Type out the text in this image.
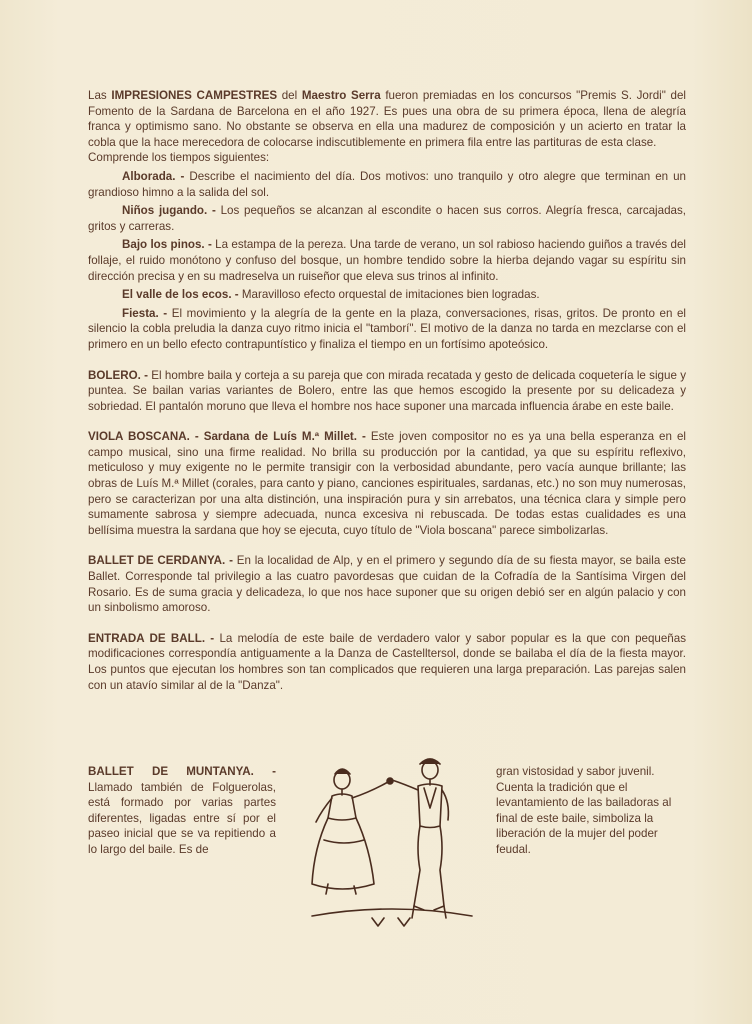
Las IMPRESIONES CAMPESTRES del Maestro Serra fueron premiadas en los concursos "Premis S. Jordi" del Fomento de la Sardana de Barcelona en el año 1927. Es pues una obra de su primera época, llena de alegría franca y optimismo sano. No obstante se observa en ella una madurez de composición y un acierto en tratar la cobla que la hace merecedora de colocarse indiscutiblemente en primera fila entre las partituras de esta clase.

Comprende los tiempos siguientes:

Alborada. - Describe el nacimiento del día. Dos motivos: uno tranquilo y otro alegre que terminan en un grandioso himno a la salida del sol.

Niños jugando. - Los pequeños se alcanzan al escondite o hacen sus corros. Alegría fresca, carcajadas, gritos y carreras.

Bajo los pinos. - La estampa de la pereza. Una tarde de verano, un sol rabioso haciendo guiños a través del follaje, el ruido monótono y confuso del bosque, un hombre tendido sobre la hierba dejando vagar su espíritu sin dirección precisa y en su madreselva un ruiseñor que eleva sus trinos al infinito.

El valle de los ecos. - Maravilloso efecto orquestal de imitaciones bien logradas.

Fiesta. - El movimiento y la alegría de la gente en la plaza, conversaciones, risas, gritos. De pronto en el silencio la cobla preludia la danza cuyo ritmo inicia el "tamborí". El motivo de la danza no tarda en mezclarse con el primero en un bello efecto contrapuntístico y finaliza el tiempo en un fortísimo apoteósico.

BOLERO. - El hombre baila y corteja a su pareja que con mirada recatada y gesto de delicada coquetería le sigue y puntea. Se bailan varias variantes de Bolero, entre las que hemos escogido la presente por su delicadeza y sobriedad. El pantalón moruno que lleva el hombre nos hace suponer una marcada influencia árabe en este baile.

VIOLA BOSCANA. - Sardana de Luís M.ª Millet. - Este joven compositor no es ya una bella esperanza en el campo musical, sino una firme realidad. No brilla su producción por la cantidad, ya que su espíritu reflexivo, meticuloso y muy exigente no le permite transigir con la verbosidad abundante, pero vacía aunque brillante; las obras de Luís M.ª Millet (corales, para canto y piano, canciones espirituales, sardanas, etc.) no son muy numerosas, pero se caracterizan por una alta distinción, una inspiración pura y sin arrebatos, una técnica clara y simple pero sumamente sabrosa y siempre adecuada, nunca excesiva ni rebuscada. De todas estas cualidades es una bellísima muestra la sardana que hoy se ejecuta, cuyo título de "Viola boscana" parece simbolizarlas.

BALLET DE CERDANYA. - En la localidad de Alp, y en el primero y segundo día de su fiesta mayor, se baila este Ballet. Corresponde tal privilegio a las cuatro pavordesas que cuidan de la Cofradía de la Santísima Virgen del Rosario. Es de suma gracia y delicadeza, lo que nos hace suponer que su origen debió ser en algún palacio y con un sinbolismo amoroso.

ENTRADA DE BALL. - La melodía de este baile de verdadero valor y sabor popular es la que con pequeñas modificaciones correspondía antiguamente a la Danza de Castelltersol, donde se bailaba el día de la fiesta mayor. Los puntos que ejecutan los hombres son tan complicados que requieren una larga preparación. Las parejas salen con un atavío similar al de la "Danza".

BALLET DE MUNTANYA. - Llamado también de Folguerolas, está formado por varias partes diferentes, ligadas entre sí por el paseo inicial que se va repitiendo a lo largo del baile. Es de

gran vistosidad y sabor juvenil. Cuenta la tradición que el levantamiento de las bailadoras al final de este baile, simboliza la liberación de la mujer del poder feudal.
